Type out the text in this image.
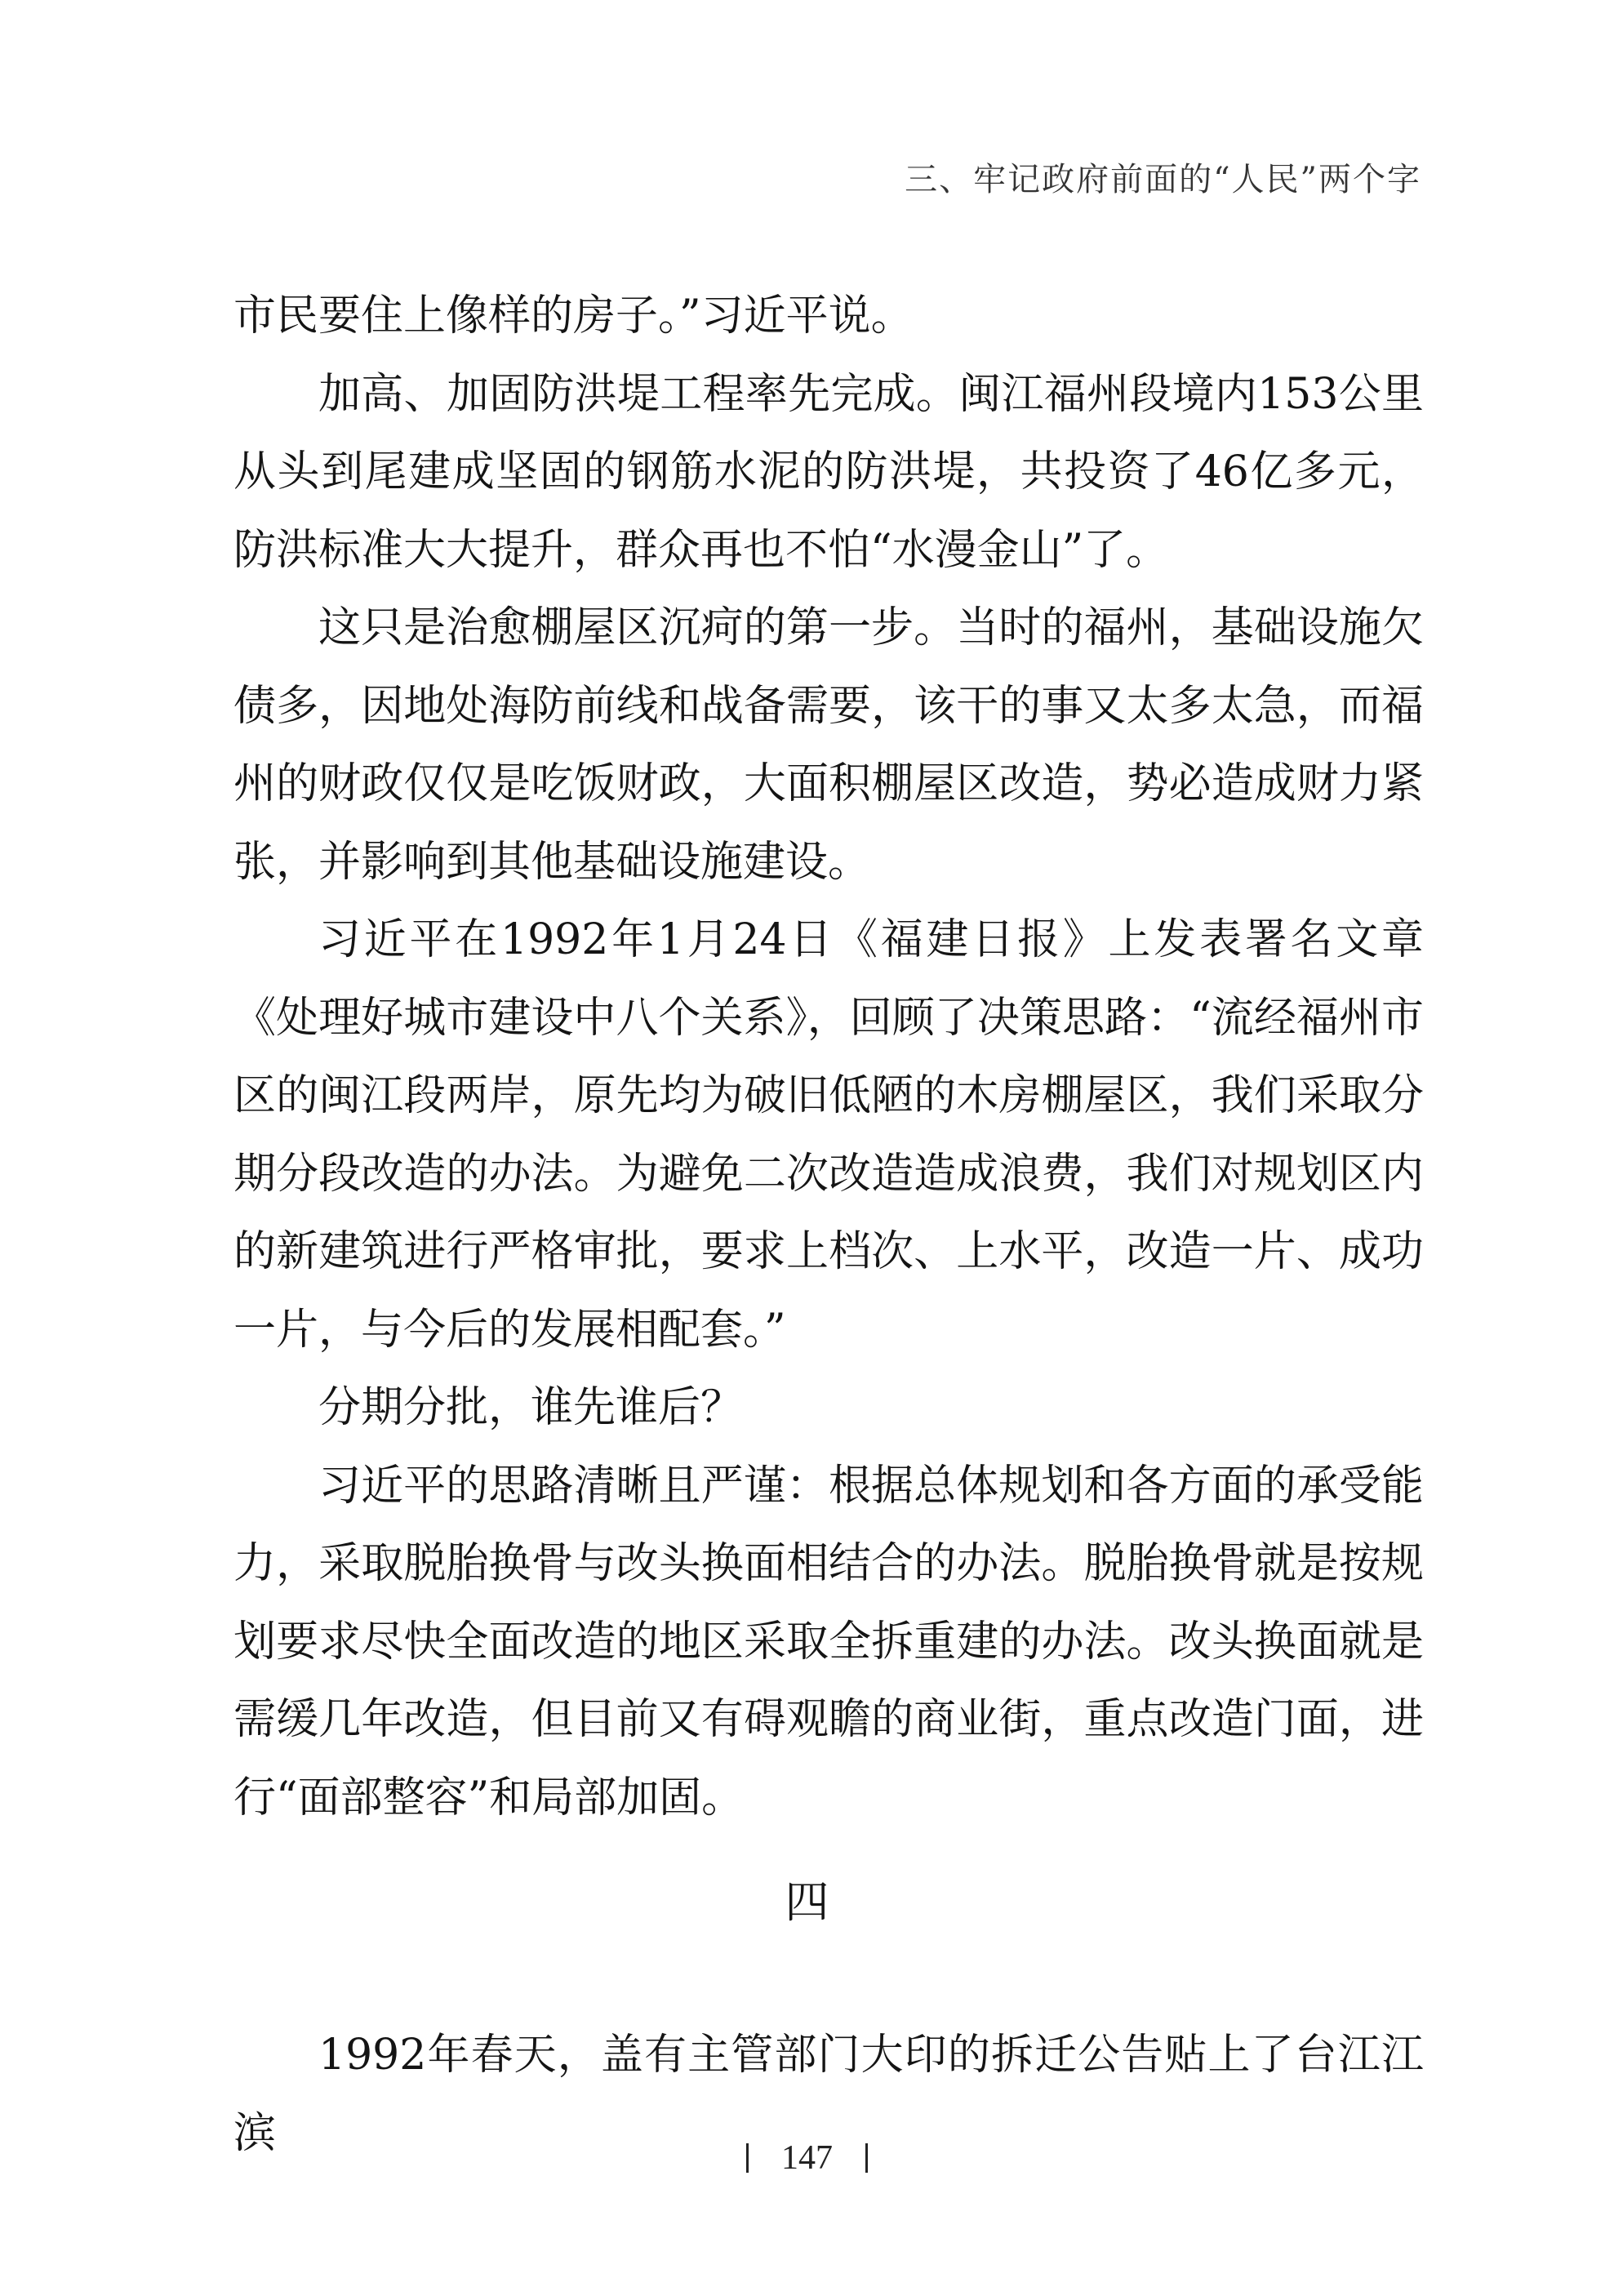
三、牢记政府前面的“人民”两个字

市民要住上像样的房子。”习近平说。

加高、加固防洪堤工程率先完成。闽江福州段境内153公里从头到尾建成坚固的钢筋水泥的防洪堤，共投资了46亿多元，防洪标准大大提升，群众再也不怕“水漫金山”了。

这只是治愈棚屋区沉疴的第一步。当时的福州，基础设施欠债多，因地处海防前线和战备需要，该干的事又太多太急，而福州的财政仅仅是吃饭财政，大面积棚屋区改造，势必造成财力紧张，并影响到其他基础设施建设。

习近平在1992年1月24日《福建日报》上发表署名文章《处理好城市建设中八个关系》，回顾了决策思路：“流经福州市区的闽江段两岸，原先均为破旧低陋的木房棚屋区，我们采取分期分段改造的办法。为避免二次改造造成浪费，我们对规划区内的新建筑进行严格审批，要求上档次、上水平，改造一片、成功一片，与今后的发展相配套。”

分期分批，谁先谁后？

习近平的思路清晰且严谨：根据总体规划和各方面的承受能力，采取脱胎换骨与改头换面相结合的办法。脱胎换骨就是按规划要求尽快全面改造的地区采取全拆重建的办法。改头换面就是需缓几年改造，但目前又有碍观瞻的商业街，重点改造门面，进行“面部整容”和局部加固。

四

1992年春天，盖有主管部门大印的拆迁公告贴上了台江江滨

147
